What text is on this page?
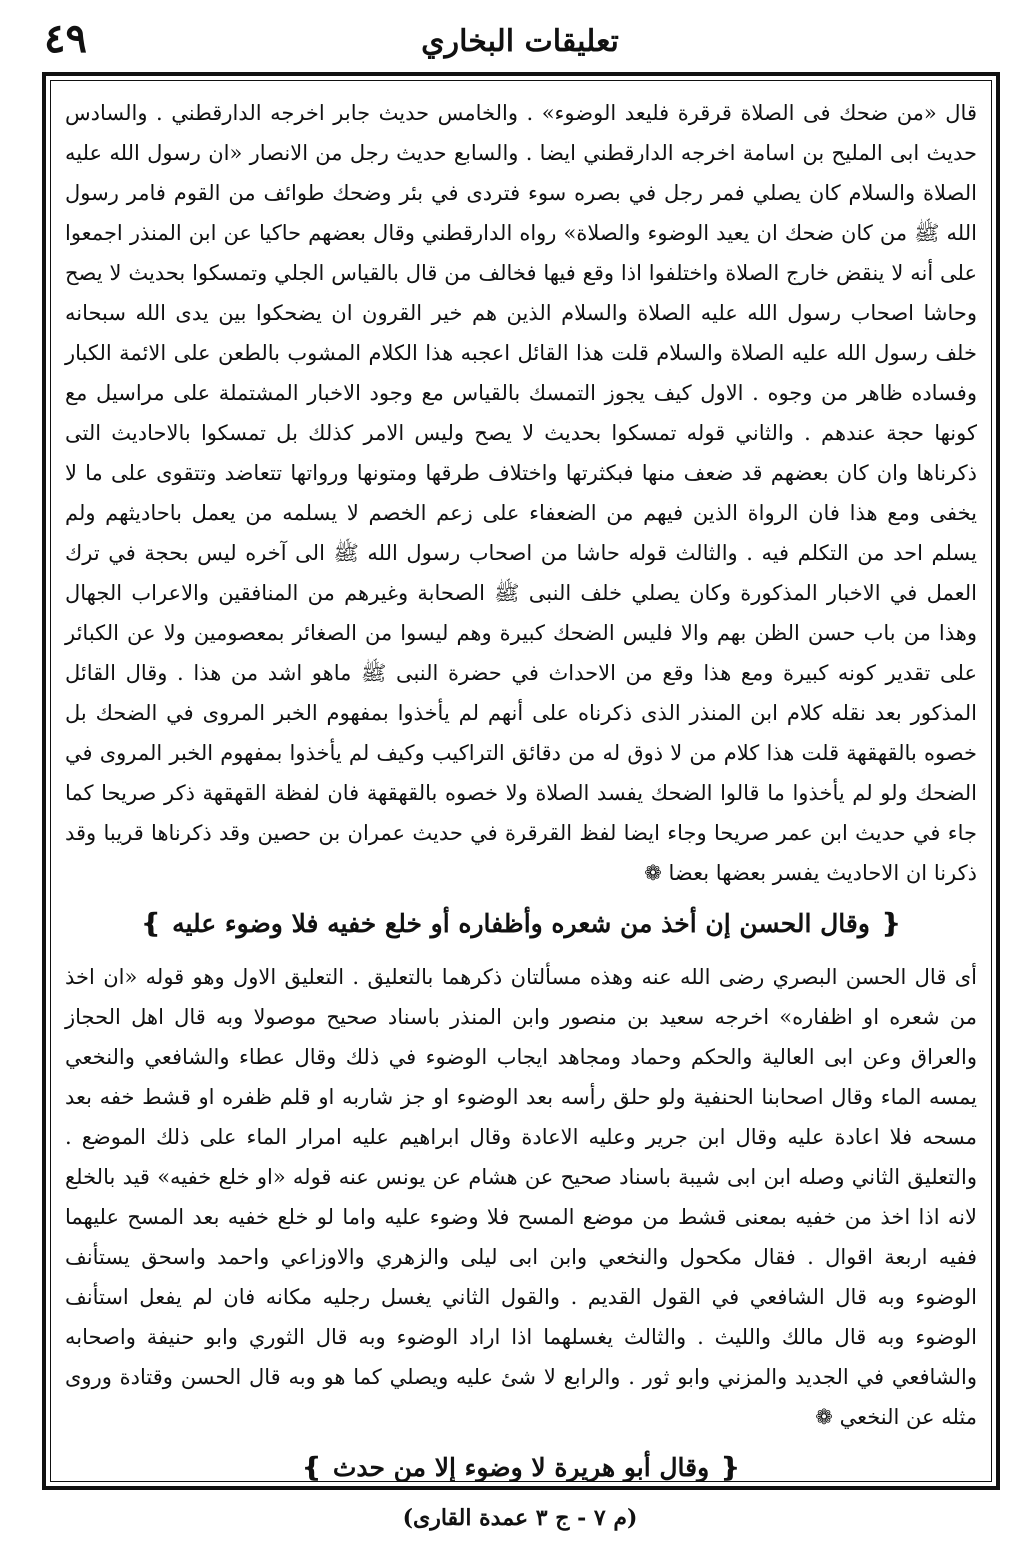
٤٩	تعليقات البخاري

قال «من ضحك فى الصلاة قرقرة فليعد الوضوء» . والخامس حديث جابر اخرجه الدارقطني . والسادس حديث ابى المليح بن اسامة اخرجه الدارقطني ايضا . والسابع حديث رجل من الانصار «ان رسول الله عليه الصلاة والسلام كان يصلي فمر رجل في بصره سوء فتردى في بئر وضحك طوائف من القوم فامر رسول الله ﷺ من كان ضحك ان يعيد الوضوء والصلاة» رواه الدارقطني وقال بعضهم حاكيا عن ابن المنذر اجمعوا على أنه لا ينقض خارج الصلاة واختلفوا اذا وقع فيها فخالف من قال بالقياس الجلي وتمسكوا بحديث لا يصح وحاشا اصحاب رسول الله عليه الصلاة والسلام الذين هم خير القرون ان يضحكوا بين يدى الله سبحانه خلف رسول الله عليه الصلاة والسلام قلت هذا القائل اعجبه هذا الكلام المشوب بالطعن على الائمة الكبار وفساده ظاهر من وجوه . الاول كيف يجوز التمسك بالقياس مع وجود الاخبار المشتملة على مراسيل مع كونها حجة عندهم . والثاني قوله تمسكوا بحديث لا يصح وليس الامر كذلك بل تمسكوا بالاحاديث التى ذكرناها وان كان بعضهم قد ضعف منها فبكثرتها واختلاف طرقها ومتونها ورواتها تتعاضد وتتقوى على ما لا يخفى ومع هذا فان الرواة الذين فيهم من الضعفاء على زعم الخصم لا يسلمه من يعمل باحاديثهم ولم يسلم احد من التكلم فيه . والثالث قوله حاشا من اصحاب رسول الله ﷺ الى آخره ليس بحجة في ترك العمل في الاخبار المذكورة وكان يصلي خلف النبى ﷺ الصحابة وغيرهم من المنافقين والاعراب الجهال وهذا من باب حسن الظن بهم والا فليس الضحك كبيرة وهم ليسوا من الصغائر بمعصومين ولا عن الكبائر على تقدير كونه كبيرة ومع هذا وقع من الاحداث في حضرة النبى ﷺ ماهو اشد من هذا . وقال القائل المذكور بعد نقله كلام ابن المنذر الذى ذكرناه على أنهم لم يأخذوا بمفهوم الخبر المروى في الضحك بل خصوه بالقهقهة قلت هذا كلام من لا ذوق له من دقائق التراكيب وكيف لم يأخذوا بمفهوم الخبر المروى في الضحك ولو لم يأخذوا ما قالوا الضحك يفسد الصلاة ولا خصوه بالقهقهة فان لفظة القهقهة ذكر صريحا كما جاء في حديث ابن عمر صريحا وجاء ايضا لفظ القرقرة في حديث عمران بن حصين وقد ذكرناها قريبا وقد ذكرنا ان الاحاديث يفسر بعضها بعضا ❁

❴وقال الحسن إن أخذ من شعره وأظفاره أو خلع خفيه فلا وضوء عليه❵

أى قال الحسن البصري رضى الله عنه وهذه مسألتان ذكرهما بالتعليق . التعليق الاول وهو قوله «ان اخذ من شعره او اظفاره» اخرجه سعيد بن منصور وابن المنذر باسناد صحيح موصولا وبه قال اهل الحجاز والعراق وعن ابى العالية والحكم وحماد ومجاهد ايجاب الوضوء في ذلك وقال عطاء والشافعي والنخعي يمسه الماء وقال اصحابنا الحنفية ولو حلق رأسه بعد الوضوء او جز شاربه او قلم ظفره او قشط خفه بعد مسحه فلا اعادة عليه وقال ابن جرير وعليه الاعادة وقال ابراهيم عليه امرار الماء على ذلك الموضع . والتعليق الثاني وصله ابن ابى شيبة باسناد صحيح عن هشام عن يونس عنه قوله «او خلع خفيه» قيد بالخلع لانه اذا اخذ من خفيه بمعنى قشط من موضع المسح فلا وضوء عليه واما لو خلع خفيه بعد المسح عليهما ففيه اربعة اقوال . فقال مكحول والنخعي وابن ابى ليلى والزهري والاوزاعي واحمد واسحق يستأنف الوضوء وبه قال الشافعي في القول القديم . والقول الثاني يغسل رجليه مكانه فان لم يفعل استأنف الوضوء وبه قال مالك والليث . والثالث يغسلهما اذا اراد الوضوء وبه قال الثوري وابو حنيفة واصحابه والشافعي في الجديد والمزني وابو ثور . والرابع لا شئ عليه ويصلي كما هو وبه قال الحسن وقتادة وروى مثله عن النخعي ❁

❴وقال أبو هريرة لا وضوء إلا من حدث❵

(م ٧ - ج ٣ عمدة القارى)
